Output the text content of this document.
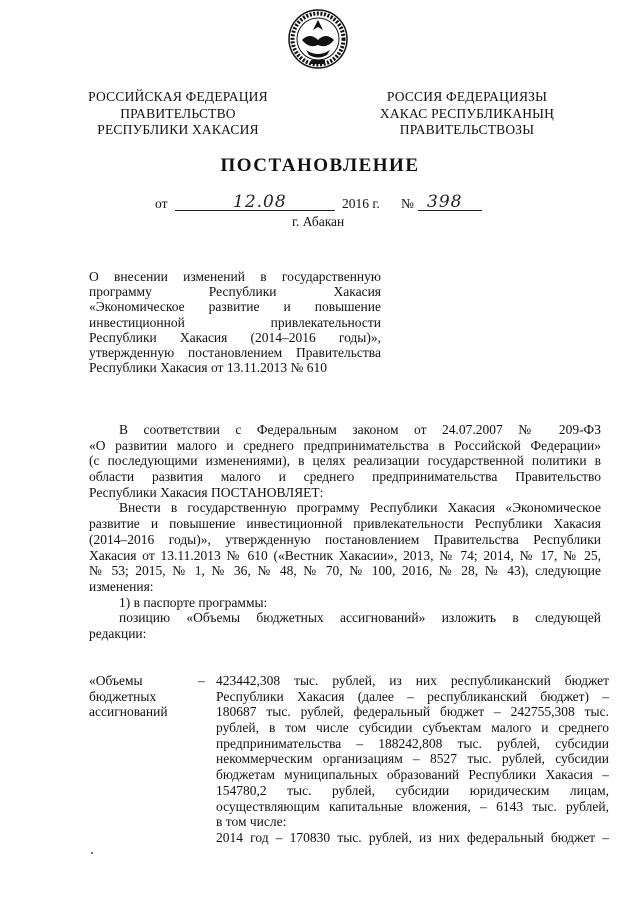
РОССИЙСКАЯ ФЕДЕРАЦИЯ
ПРАВИТЕЛЬСТВО
РЕСПУБЛИКИ ХАКАСИЯ
РОССИЯ ФЕДЕРАЦИЯЗЫ
ХАКАС РЕСПУБЛИКАНЫҢ
ПРАВИТЕЛЬСТВОЗЫ
ПОСТАНОВЛЕНИЕ
от	12.08	2016 г. № 398
г. Абакан
О внесении изменений в государственную
программу Республики Хакасия
«Экономическое развитие и повышение
инвестиционной привлекательности
Республики Хакасия (2014–2016 годы)»,
утвержденную постановлением Правительства
Республики Хакасия от 13.11.2013 № 610
В соответствии с Федеральным законом от 24.07.2007 № 209-ФЗ
«О развитии малого и среднего предпринимательства в Российской Федерации»
(с последующими изменениями), в целях реализации государственной политики в
области развития малого и среднего предпринимательства Правительство
Республики Хакасия ПОСТАНОВЛЯЕТ:
Внести в государственную программу Республики Хакасия «Экономическое
развитие и повышение инвестиционной привлекательности Республики Хакасия
(2014–2016 годы)», утвержденную постановлением Правительства Республики
Хакасия от 13.11.2013 № 610 («Вестник Хакасии», 2013, № 74; 2014, № 17, № 25,
№ 53; 2015, № 1, № 36, № 48, № 70, № 100, 2016, № 28, № 43), следующие
изменения:
1) в паспорте программы:
позицию «Объемы бюджетных ассигнований» изложить в следующей
редакции:
«Объемы
бюджетных
ассигнований
– 423442,308 тыс. рублей, из них республиканский бюджет
Республики Хакасия (далее – республиканский бюджет) –
180687 тыс. рублей, федеральный бюджет – 242755,308 тыс.
рублей, в том числе субсидии субъектам малого и среднего
предпринимательства – 188242,808 тыс. рублей, субсидии
некоммерческим организациям – 8527 тыс. рублей, субсидии
бюджетам муниципальных образований Республики Хакасия –
154780,2 тыс. рублей, субсидии юридическим лицам,
осуществляющим капитальные вложения, – 6143 тыс. рублей,
в том числе:
2014 год – 170830 тыс. рублей, из них федеральный бюджет –
